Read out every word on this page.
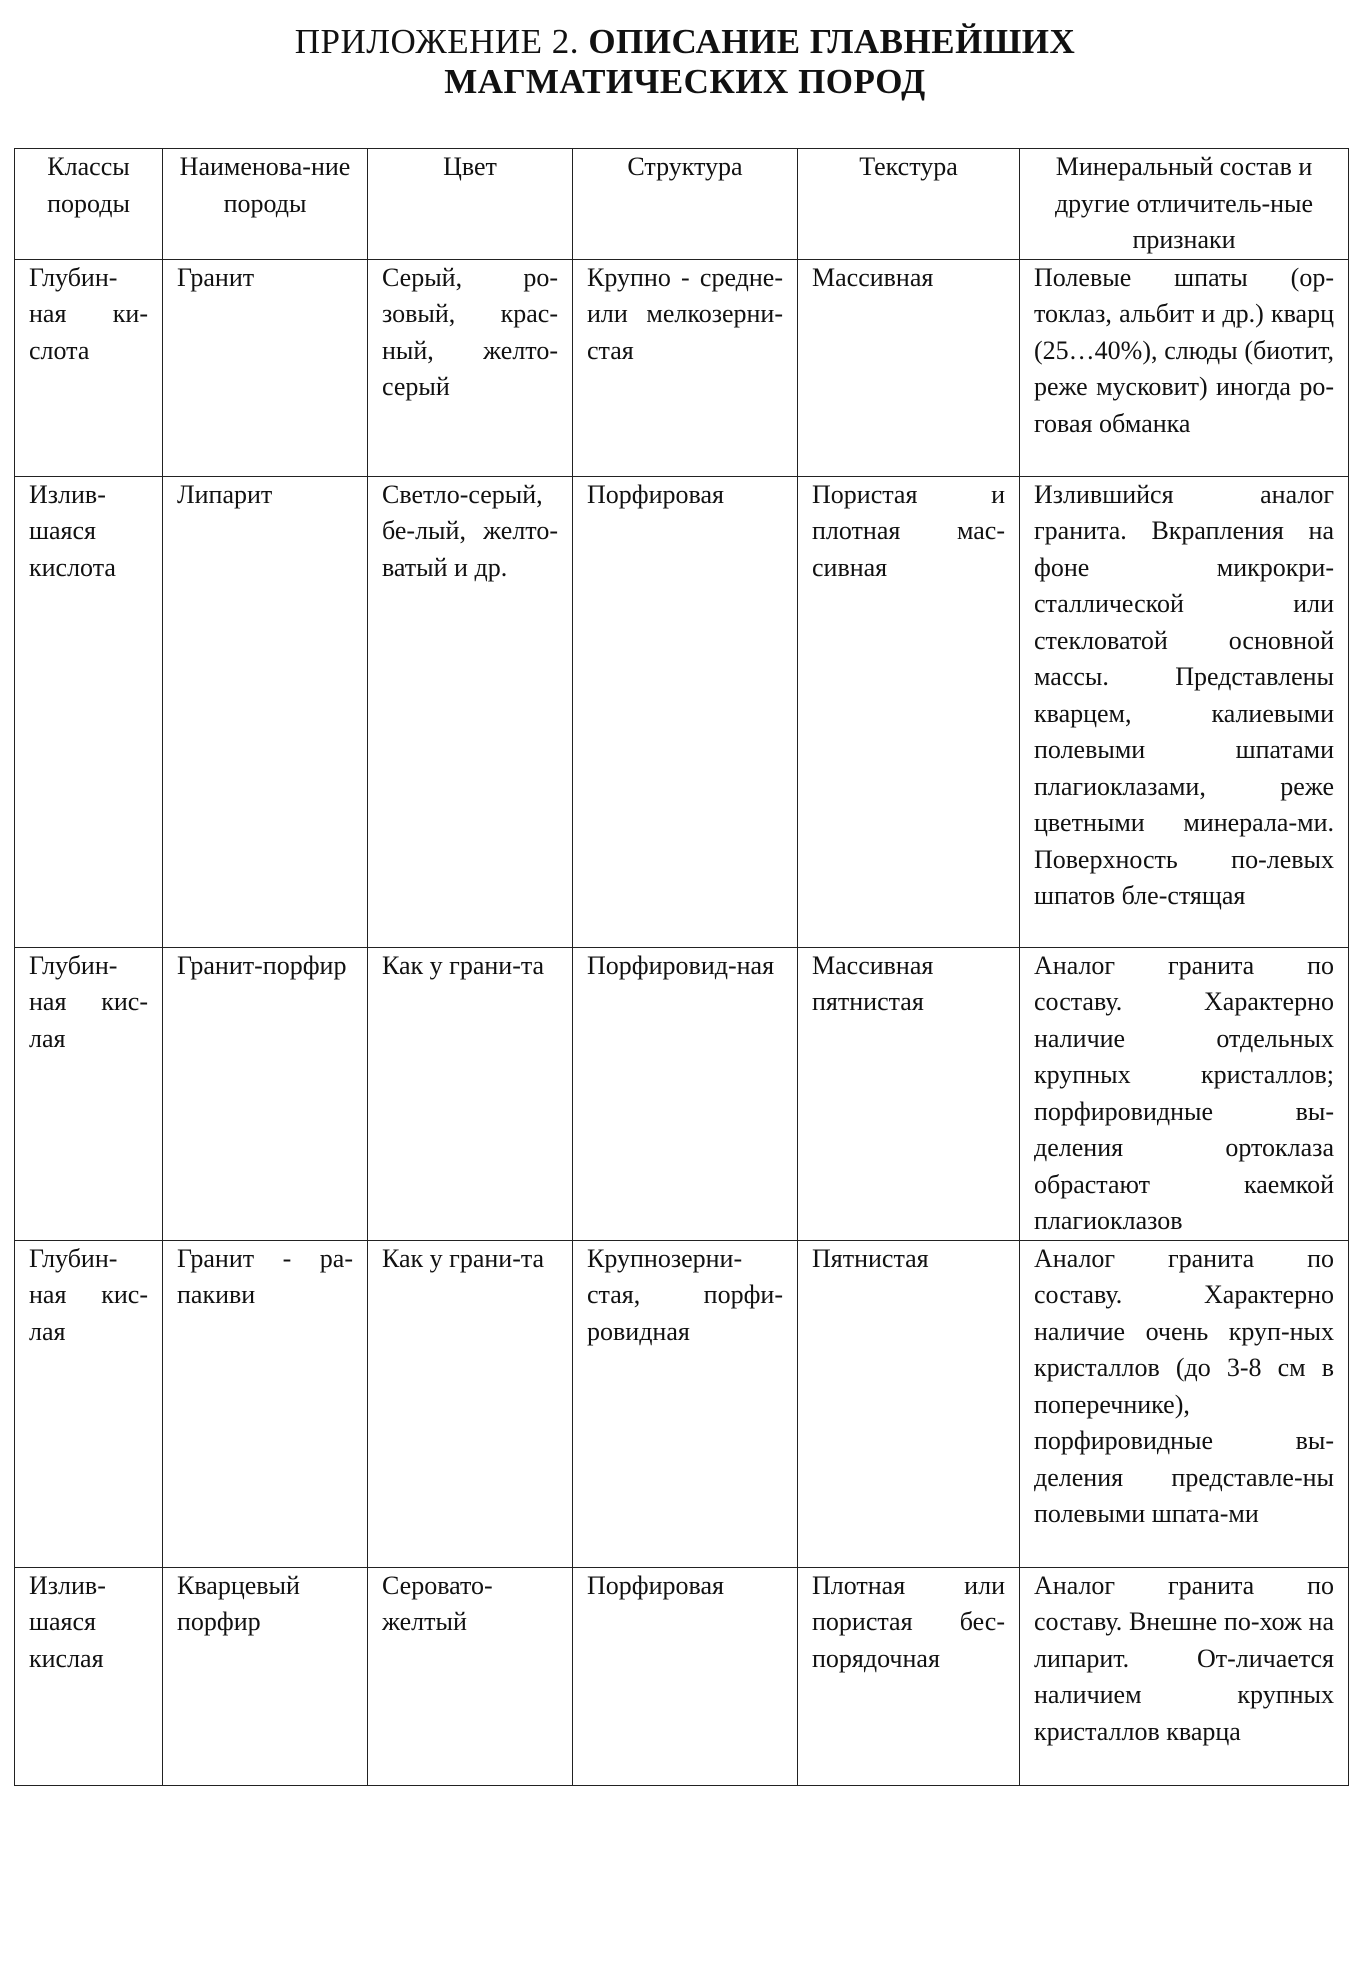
ПРИЛОЖЕНИЕ 2. ОПИСАНИЕ ГЛАВНЕЙШИХ
МАГМАТИЧЕСКИХ ПОРОД
Классы породы	Наименова-ние породы	Цвет	Структура	Текстура	Минеральный состав и другие отличитель-ные признаки
Глубин-ная ки-слота	Гранит	Серый, ро-зовый, крас-ный, желто-серый	Крупно - средне- или мелкозерни-стая	Массивная	Полевые шпаты (ор-токлаз, альбит и др.) кварц (25…40%), слюды (биотит, реже мусковит) иногда ро-говая обманка
Излив-шаяся кислота	Липарит	Светло-серый, бе-лый, желто-ватый и др.	Порфировая	Пористая и плотная мас-сивная	Излившийся аналог гранита. Вкрапления на фоне микрокри-сталлической или стекловатой основной массы. Представлены кварцем, калиевыми полевыми шпатами плагиоклазами, реже цветными минерала-ми. Поверхность по-левых шпатов бле-стящая
Глубин-ная кис-лая	Гранит-порфир	Как у грани-та	Порфировид-ная	Массивная пятнистая	Аналог гранита по составу. Характерно наличие отдельных крупных кристаллов; порфировидные вы-деления ортоклаза обрастают каемкой плагиоклазов
Глубин-ная кис-лая	Гранит - ра-пакиви	Как у грани-та	Крупнозерни-стая, порфи-ровидная	Пятнистая	Аналог гранита по составу. Характерно наличие очень круп-ных кристаллов (до 3-8 см в поперечнике), порфировидные вы-деления представле-ны полевыми шпата-ми
Излив-шаяся кислая	Кварцевый порфир	Серовато-желтый	Порфировая	Плотная или пористая бес-порядочная	Аналог гранита по составу. Внешне по-хож на липарит. От-личается наличием крупных кристаллов кварца
